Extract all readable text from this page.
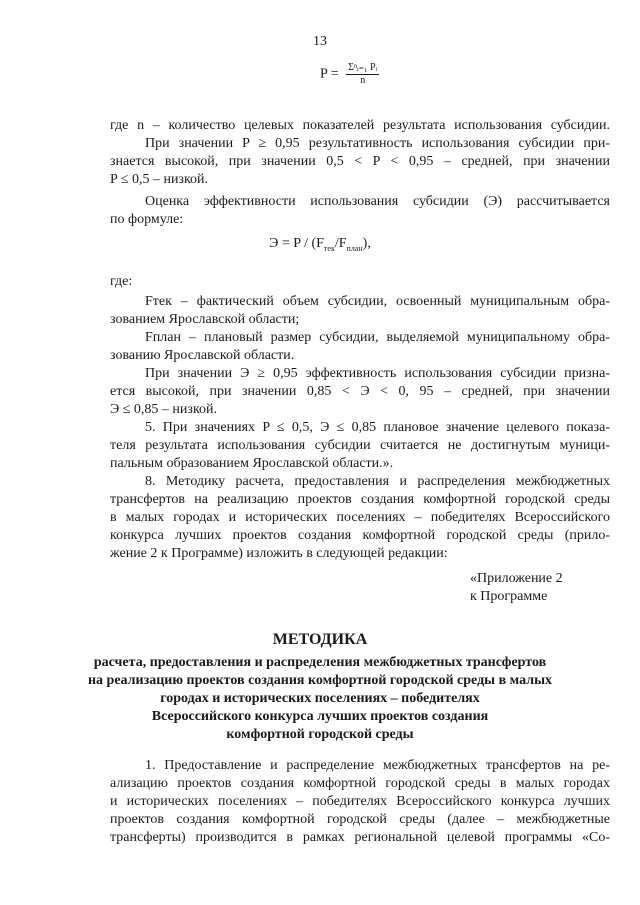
13
$P = \frac{\text{Σⁿᵢ₌₁ Pᵢ}}{n}$
где n – количество целевых показателей результата использования субсидии.
При значении P ≥ 0,95 результативность использования субсидии при-
знается высокой, при значении 0,5 < P < 0,95 – средней, при значении
P ≤ 0,5 – низкой.
Оценка эффективности использования субсидии (Э) рассчитывается
по формуле:
$Э = P / (F_{тек}/F_{план})$,
где:
Fтек – фактический объем субсидии, освоенный муниципальным обра-
зованием Ярославской области;
Fплан – плановый размер субсидии, выделяемой муниципальному обра-
зованию Ярославской области.
При значении Э ≥ 0,95 эффективность использования субсидии призна-
ется высокой, при значении 0,85 < Э < 0, 95 – средней, при значении
Э ≤ 0,85 – низкой.
5. При значениях P ≤ 0,5, Э ≤ 0,85 плановое значение целевого показа-
теля результата использования субсидии считается не достигнутым муници-
пальным образованием Ярославской области.».
8. Методику расчета, предоставления и распределения межбюджетных
трансфертов на реализацию проектов создания комфортной городской среды
в малых городах и исторических поселениях – победителях Всероссийского
конкурса лучших проектов создания комфортной городской среды (прило-
жение 2 к Программе) изложить в следующей редакции:
«Приложение 2
к Программе
МЕТОДИКА
расчета, предоставления и распределения межбюджетных трансфертов
на реализацию проектов создания комфортной городской среды в малых
городах и исторических поселениях – победителях
Всероссийского конкурса лучших проектов создания
комфортной городской среды
1. Предоставление и распределение межбюджетных трансфертов на ре-
ализацию проектов создания комфортной городской среды в малых городах
и исторических поселениях – победителях Всероссийского конкурса лучших
проектов создания комфортной городской среды (далее – межбюджетные
трансферты) производится в рамках региональной целевой программы «Со-
